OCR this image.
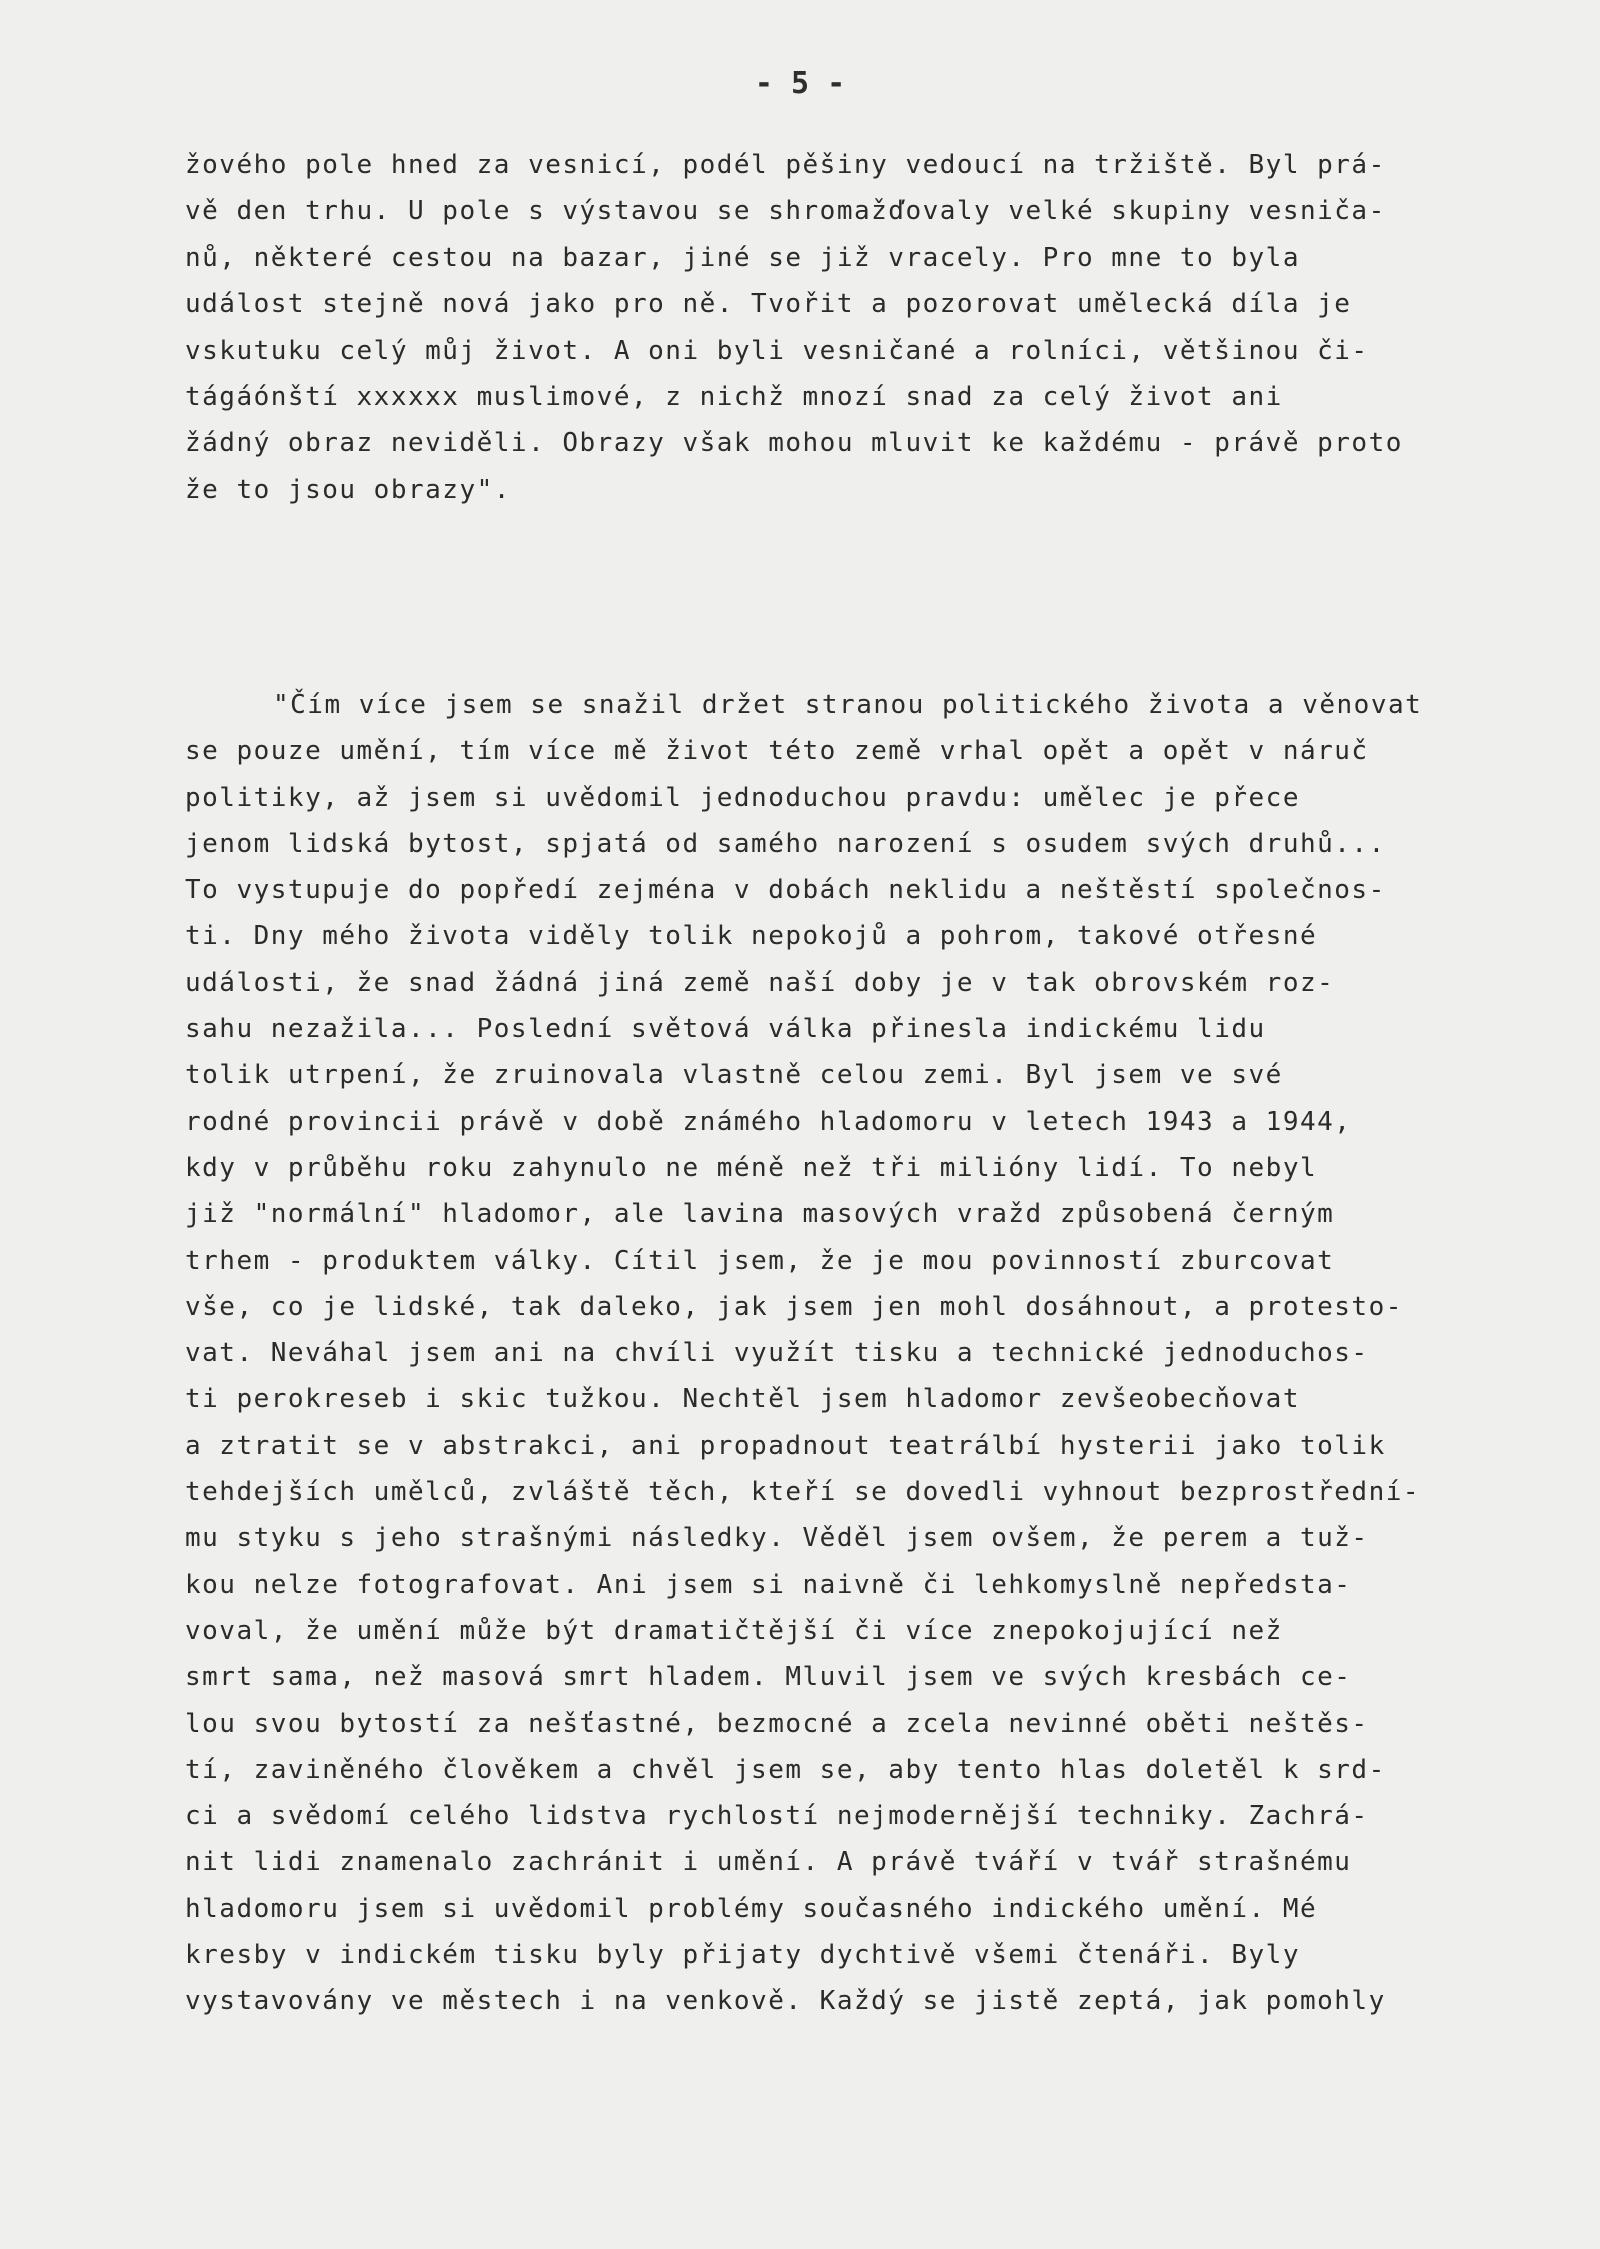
- 5 -
žového pole hned za vesnicí, podél pěšiny vedoucí na tržiště. Byl prá-
vě den trhu. U pole s výstavou se shromažďovaly velké skupiny vesniča-
nů, některé cestou na bazar, jiné se již vracely. Pro mne to byla
událost stejně nová jako pro ně. Tvořit a pozorovat umělecká díla je
vskutuku celý můj život. A oni byli vesničané a rolníci, většinou či-
tágáónští xxxxxx muslimové, z nichž mnozí snad za celý život ani
žádný obraz neviděli. Obrazy však mohou mluvit ke každému - právě proto
že to jsou obrazy".
"Čím více jsem se snažil držet stranou politického života a věnovat
se pouze umění, tím více mě život této země vrhal opět a opět v náruč
politiky, až jsem si uvědomil jednoduchou pravdu: umělec je přece
jenom lidská bytost, spjatá od samého narození s osudem svých druhů...
To vystupuje do popředí zejména v dobách neklidu a neštěstí společnos-
ti. Dny mého života viděly tolik nepokojů a pohrom, takové otřesné
události, že snad žádná jiná země naší doby je v tak obrovském roz-
sahu nezažila... Poslední světová válka přinesla indickému lidu
tolik utrpení, že zruinovala vlastně celou zemi. Byl jsem ve své
rodné provincii právě v době známého hladomoru v letech 1943 a 1944,
kdy v průběhu roku zahynulo ne méně než tři milióny lidí. To nebyl
již "normální" hladomor, ale lavina masových vražd způsobená černým
trhem - produktem války. Cítil jsem, že je mou povinností zburcovat
vše, co je lidské, tak daleko, jak jsem jen mohl dosáhnout, a protesto-
vat. Neváhal jsem ani na chvíli využít tisku a technické jednoduchos-
ti perokreseb i skic tužkou. Nechtěl jsem hladomor zevšeobecňovat
a ztratit se v abstrakci, ani propadnout teatrálbí hysterii jako tolik
tehdejších umělců, zvláště těch, kteří se dovedli vyhnout bezprostřední-
mu styku s jeho strašnými následky. Věděl jsem ovšem, že perem a tuž-
kou nelze fotografovat. Ani jsem si naivně či lehkomyslně nepředsta-
voval, že umění může být dramatičtější či více znepokojující než
smrt sama, než masová smrt hladem. Mluvil jsem ve svých kresbách ce-
lou svou bytostí za nešťastné, bezmocné a zcela nevinné oběti neštěs-
tí, zaviněného člověkem a chvěl jsem se, aby tento hlas doletěl k srd-
ci a svědomí celého lidstva rychlostí nejmodernější techniky. Zachrá-
nit lidi znamenalo zachránit i umění. A právě tváří v tvář strašnému
hladomoru jsem si uvědomil problémy současného indického umění. Mé
kresby v indickém tisku byly přijaty dychtivě všemi čtenáři. Byly
vystavovány ve městech i na venkově. Každý se jistě zeptá, jak pomohly
